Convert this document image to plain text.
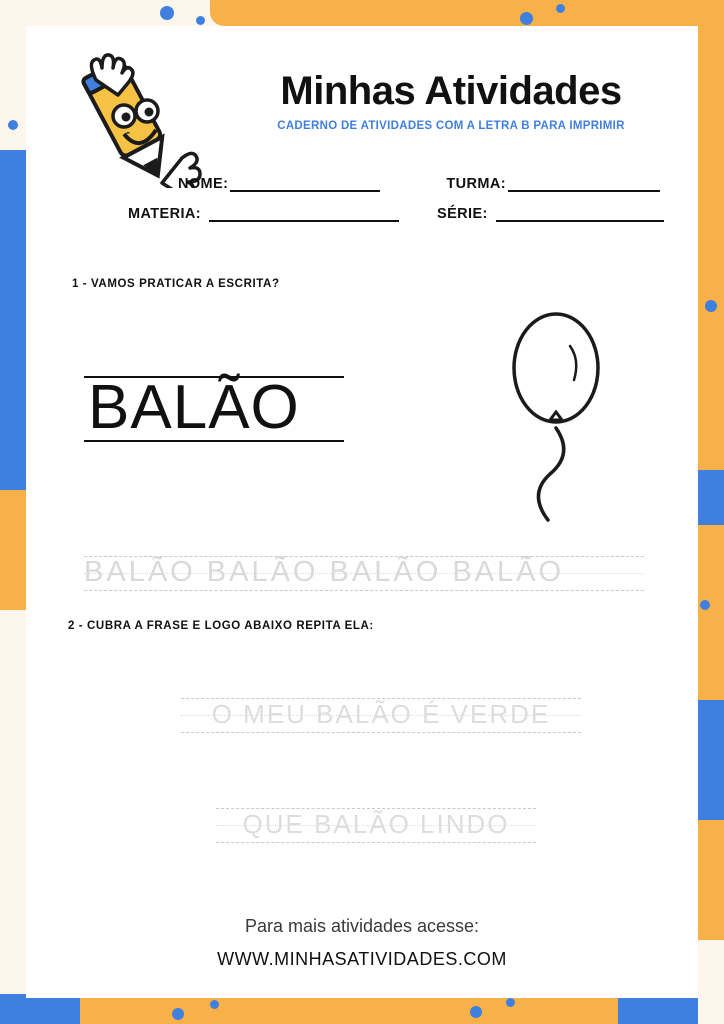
Minhas Atividades
CADERNO DE ATIVIDADES COM A LETRA B PARA IMPRIMIR
NOME:	TURMA:
MATERIA:	SÉRIE:
1 - VAMOS PRATICAR A ESCRITA?
BALÃO
BALÃO BALÃO BALÃO BALÃO
2 - CUBRA A FRASE E LOGO ABAIXO REPITA ELA:
O MEU BALÃO É VERDE
QUE BALÃO LINDO
Para mais atividades acesse:
WWW.MINHASATIVIDADES.COM
